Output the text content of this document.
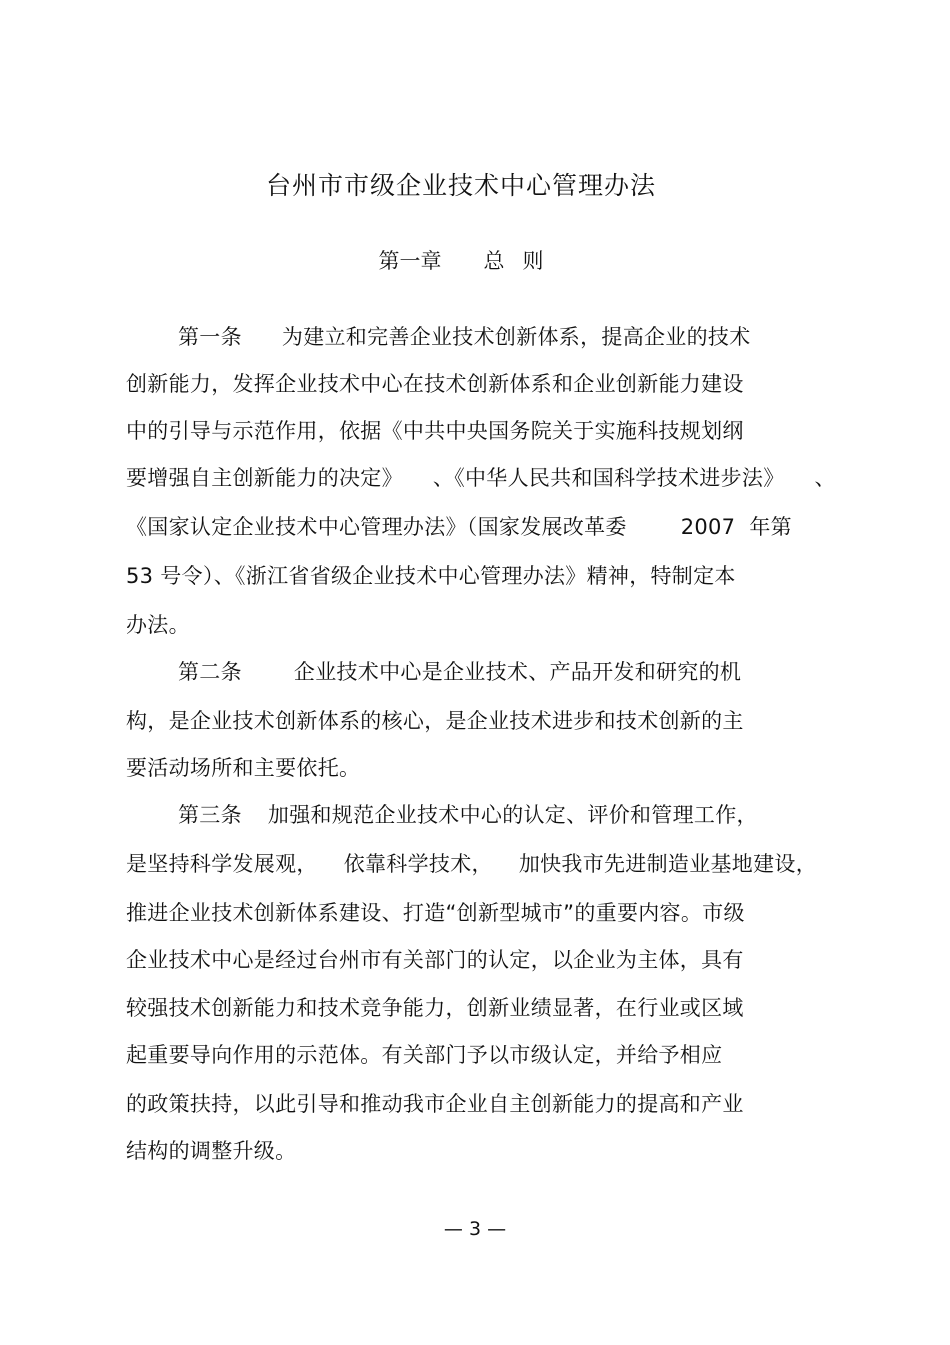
台州市市级企业技术中心管理办法
第一章 总 则
第一条 为建立和完善企业技术创新体系，提高企业的技术
创新能力，发挥企业技术中心在技术创新体系和企业创新能力建设
中的引导与示范作用，依据《中共中央国务院关于实施科技规划纲
要增强自主创新能力的决定》 、《中华人民共和国科学技术进步法》 、
《国家认定企业技术中心管理办法》（国家发展改革委	2007 年第
53 号令）、《浙江省省级企业技术中心管理办法》精神，特制定本
办法。
第二条 企业技术中心是企业技术、产品开发和研究的机
构，是企业技术创新体系的核心，是企业技术进步和技术创新的主
要活动场所和主要依托。
第三条 加强和规范企业技术中心的认定、评价和管理工作，
是坚持科学发展观， 依靠科学技术， 加快我市先进制造业基地建设，
推进企业技术创新体系建设、打造“创新型城市”的重要内容。市级
企业技术中心是经过台州市有关部门的认定，以企业为主体，具有
较强技术创新能力和技术竞争能力，创新业绩显著，在行业或区域
起重要导向作用的示范体。有关部门予以市级认定，并给予相应
的政策扶持，以此引导和推动我市企业自主创新能力的提高和产业
结构的调整升级。
— 3 —
